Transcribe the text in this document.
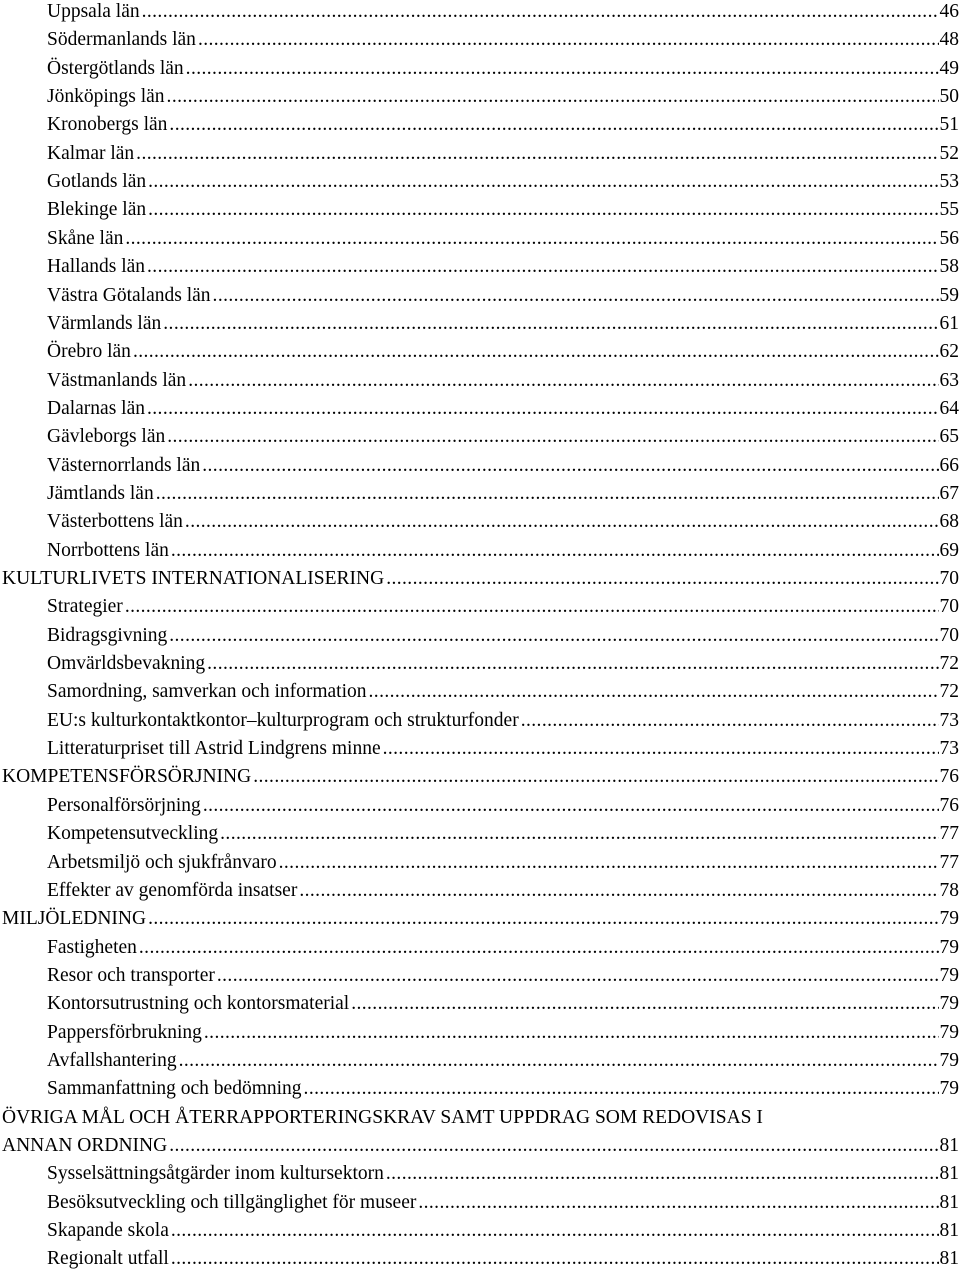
Uppsala län .....	46
Södermanlands län .....	48
Östergötlands län .....	49
Jönköpings län .....	50
Kronobergs län .....	51
Kalmar län .....	52
Gotlands län .....	53
Blekinge län .....	55
Skåne län .....	56
Hallands län .....	58
Västra Götalands län .....	59
Värmlands län .....	61
Örebro län .....	62
Västmanlands län .....	63
Dalarnas län .....	64
Gävleborgs län .....	65
Västernorrlands län .....	66
Jämtlands län .....	67
Västerbottens län .....	68
Norrbottens län .....	69
KULTURLIVETS INTERNATIONALISERING .....	70
Strategier .....	70
Bidragsgivning .....	70
Omvärldsbevakning .....	72
Samordning, samverkan och information .....	72
EU:s kulturkontaktkontor–kulturprogram och strukturfonder .....	73
Litteraturpriset till Astrid Lindgrens minne .....	73
KOMPETENSFÖRSÖRJNING .....	76
Personalförsörjning .....	76
Kompetensutveckling .....	77
Arbetsmiljö och sjukfrånvaro .....	77
Effekter av genomförda insatser .....	78
MILJÖLEDNING .....	79
Fastigheten .....	79
Resor och transporter .....	79
Kontorsutrustning och kontorsmaterial .....	79
Pappersförbrukning .....	79
Avfallshantering .....	79
Sammanfattning och bedömning .....	79
ÖVRIGA MÅL OCH ÅTERRAPPORTERINGSKRAV SAMT UPPDRAG SOM REDOVISAS I
ANNAN ORDNING .....	81
Sysselsättningsåtgärder inom kultursektorn .....	81
Besöksutveckling och tillgänglighet för museer .....	81
Skapande skola .....	81
Regionalt utfall .....	81
